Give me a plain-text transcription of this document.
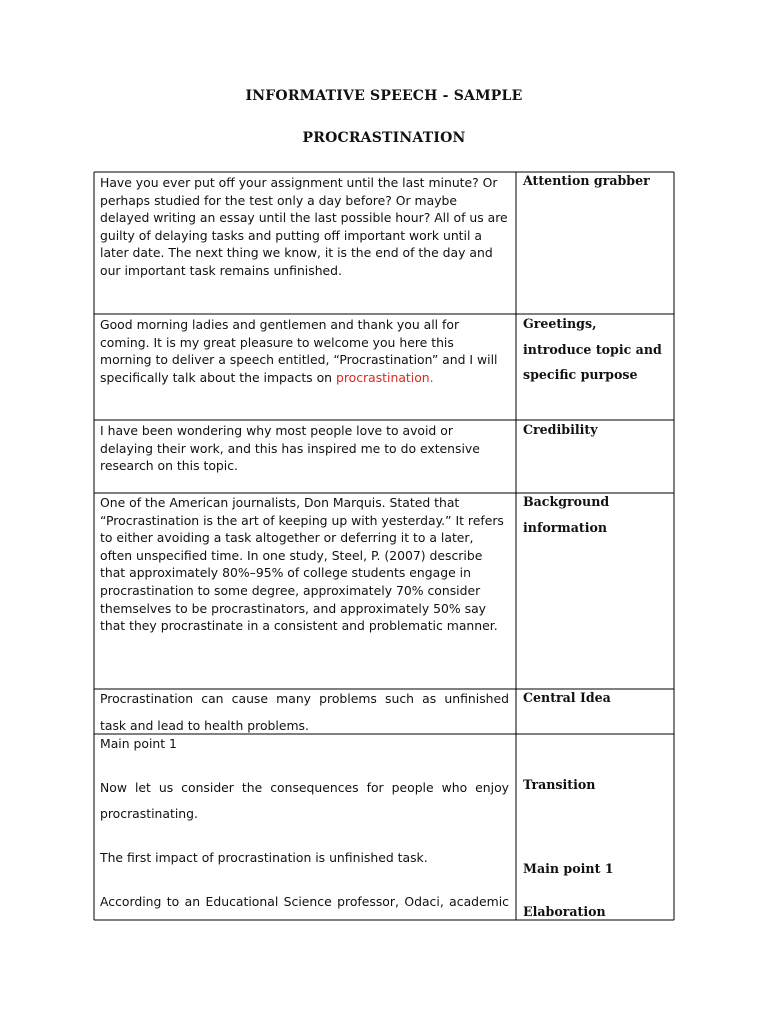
INFORMATIVE SPEECH - SAMPLE
PROCRASTINATION
Have you ever put off your assignment until the last minute? Or perhaps studied for the test only a day before? Or maybe delayed writing an essay until the last possible hour? All of us are guilty of delaying tasks and putting off important work until a later date. The next thing we know, it is the end of the day and our important task remains unfinished.
Attention grabber
Good morning ladies and gentlemen and thank you all for coming. It is my great pleasure to welcome you here this morning to deliver a speech entitled, “Procrastination” and I will specifically talk about the impacts on procrastination.
Greetings, introduce topic and specific purpose
I have been wondering why most people love to avoid or delaying their work, and this has inspired me to do extensive research on this topic.
Credibility
One of the American journalists, Don Marquis. Stated that “Procrastination is the art of keeping up with yesterday.” It refers to either avoiding a task altogether or deferring it to a later, often unspecified time. In one study, Steel, P. (2007) describe that approximately 80%–95% of college students engage in procrastination to some degree, approximately 70% consider themselves to be procrastinators, and approximately 50% say that they procrastinate in a consistent and problematic manner.
Background information
Procrastination can cause many problems such as unfinished
task and lead to health problems.
Central Idea
Main point 1
Now let us consider the consequences for people who enjoy
procrastinating.
The first impact of procrastination is unfinished task.
According to an Educational Science professor, Odaci, academic
Transition
Main point 1
Elaboration
